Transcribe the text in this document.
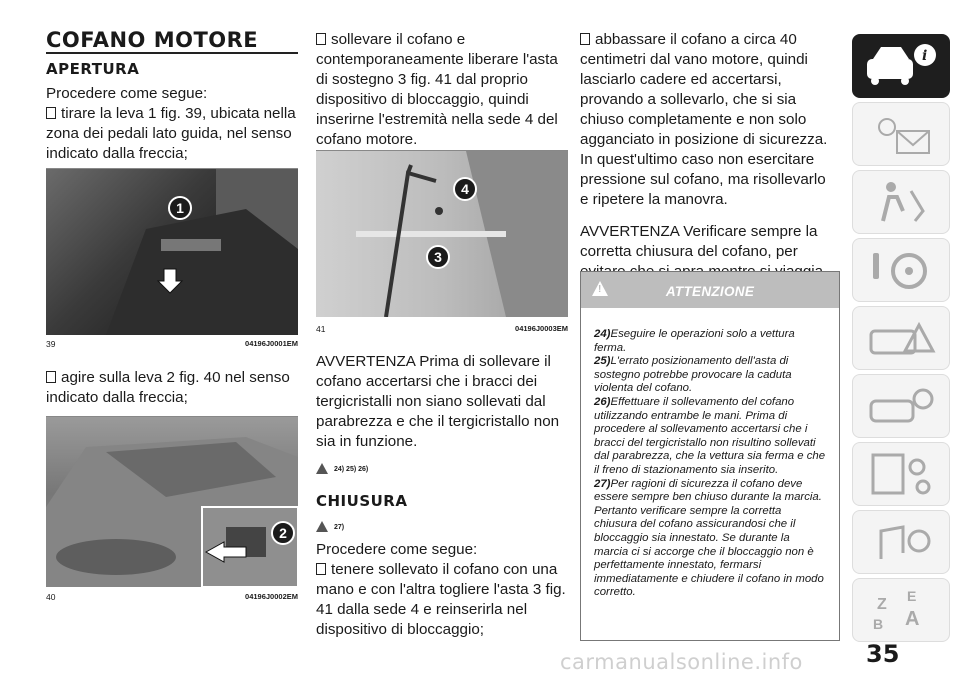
COFANO MOTORE
APERTURA

Procedere come segue:

tirare la leva 1 fig. 39, ubicata nella zona dei pedali lato guida, nel senso indicato dalla freccia;

1
39	04196J0001EM

agire sulla leva 2 fig. 40 nel senso indicato dalla freccia;

2
40	04196J0002EM

sollevare il cofano e contemporaneamente liberare l'asta di sostegno 3 fig. 41 dal proprio dispositivo di bloccaggio, quindi inserirne l'estremità nella sede 4 del cofano motore.

4
3
41	04196J0003EM

AVVERTENZA Prima di sollevare il cofano accertarsi che i bracci dei tergicristalli non siano sollevati dal parabrezza e che il tergicristallo non sia in funzione.

24) 25) 26)
CHIUSURA
27)

Procedere come segue:

tenere sollevato il cofano con una mano e con l'altra togliere l'asta 3 fig. 41 dalla sede 4 e reinserirla nel dispositivo di bloccaggio;

abbassare il cofano a circa 40 centimetri dal vano motore, quindi lasciarlo cadere ed accertarsi, provando a sollevarlo, che si sia chiuso completamente e non solo agganciato in posizione di sicurezza. In quest'ultimo caso non esercitare pressione sul cofano, ma risollevarlo e ripetere la manovra.

AVVERTENZA Verificare sempre la corretta chiusura del cofano, per

!
ATTENZIONE
24)Eseguire le operazioni solo a vettura ferma.
25)L'errato posizionamento dell'asta di sostegno potrebbe provocare la caduta violenta del cofano.
26)Effettuare il sollevamento del cofano utilizzando entrambe le mani. Prima di procedere al sollevamento accertarsi che i bracci del tergicristallo non risultino sollevati dal parabrezza, che la vettura sia ferma e che il freno di stazionamento sia inserito.
27)Per ragioni di sicurezza il cofano deve essere sempre ben chiuso durante la marcia. Pertanto verificare sempre la corretta chiusura del cofano assicurandosi che il bloccaggio sia innestato. Se durante la marcia ci si accorge che il bloccaggio non è perfettamente innestato, fermarsi immediatamente e chiudere il cofano in modo corretto.
i
Z E
B A
35
carmanualsonline.info
